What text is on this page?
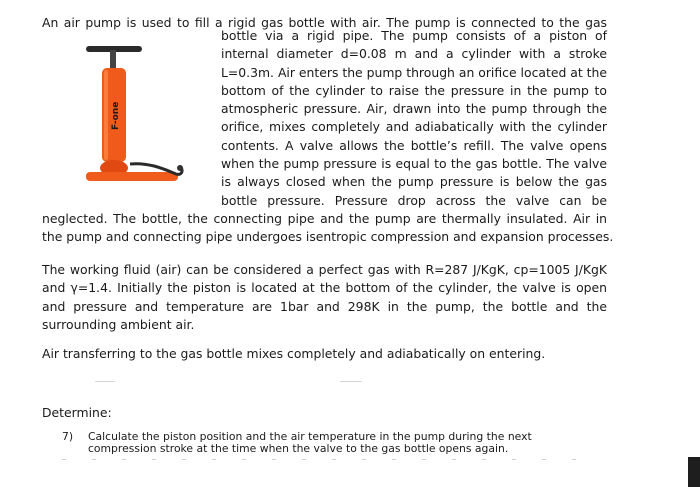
An air pump is used to fill a rigid gas bottle with air. The pump is connected to the gas
F-one
bottle via a rigid pipe. The pump consists of a piston of
internal diameter d=0.08 m and a cylinder with a stroke
L=0.3m. Air enters the pump through an orifice located at the
bottom of the cylinder to raise the pressure in the pump to
atmospheric pressure. Air, drawn into the pump through the
orifice, mixes completely and adiabatically with the cylinder
contents. A valve allows the bottle’s refill. The valve opens
when the pump pressure is equal to the gas bottle. The valve
is always closed when the pump pressure is below the gas
bottle pressure. Pressure drop across the valve can be
neglected. The bottle, the connecting pipe and the pump are thermally insulated. Air in
the pump and connecting pipe undergoes isentropic compression and expansion processes.
The working fluid (air) can be considered a perfect gas with R=287 J/KgK, cp=1005 J/KgK
and γ=1.4. Initially the piston is located at the bottom of the cylinder, the valve is open
and pressure and temperature are 1bar and 298K in the pump, the bottle and the
surrounding ambient air.
Air transferring to the gas bottle mixes completely and adiabatically on entering.
Determine:
7) Calculate the piston position and the air temperature in the pump during the next
compression stroke at the time when the valve to the gas bottle opens again.
